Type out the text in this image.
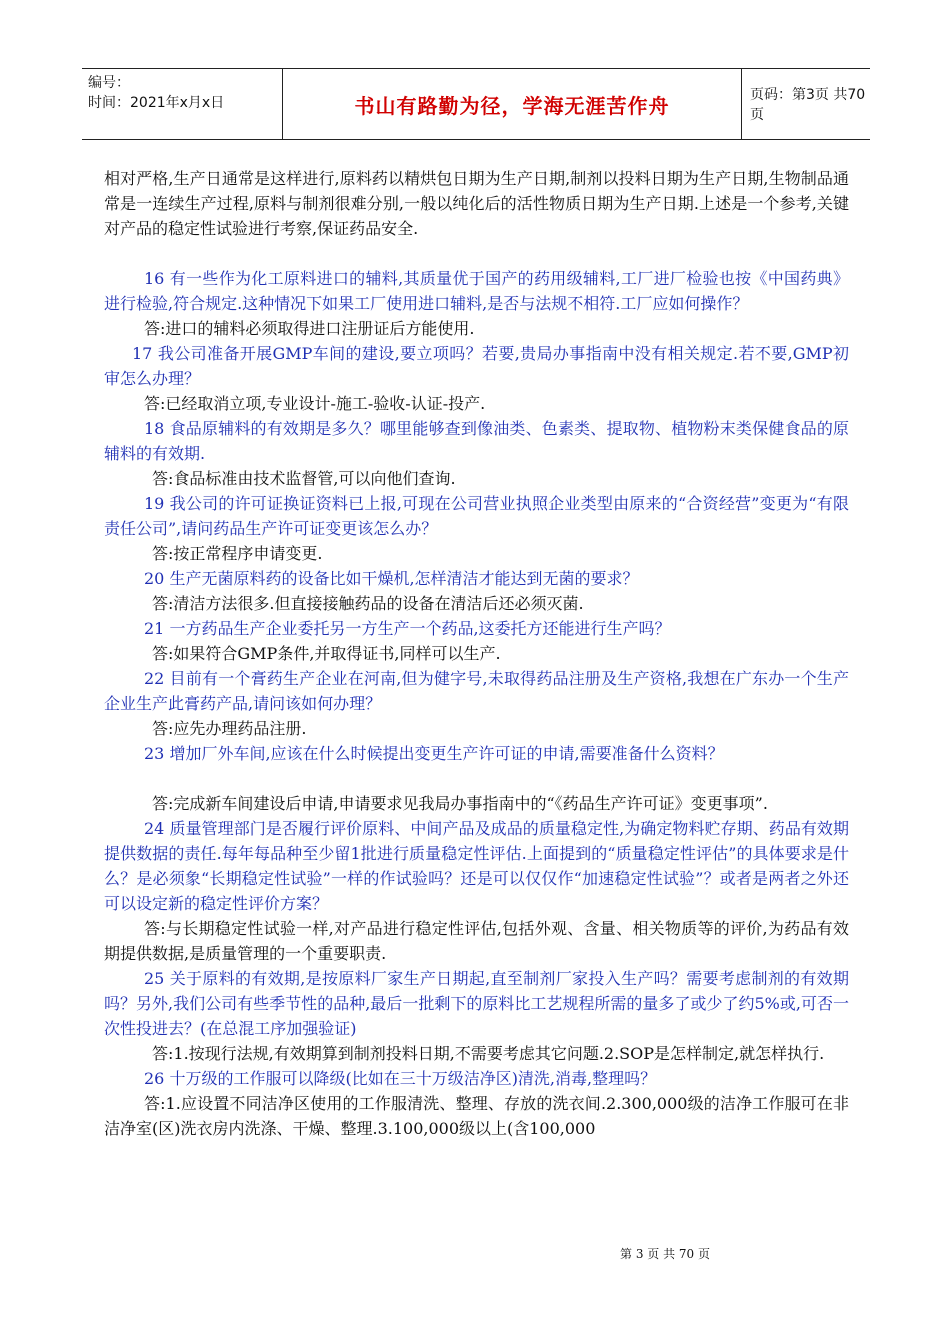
编号：
时间：2021年x月x日	书山有路勤为径，学海无涯苦作舟	页码：第3页 共70页

相对严格,生产日通常是这样进行,原料药以精烘包日期为生产日期,制剂以投料日期为生产日期,生物制品通常是一连续生产过程,原料与制剂很难分别,一般以纯化后的活性物质日期为生产日期.上述是一个参考,关键对产品的稳定性试验进行考察,保证药品安全.

16 有一些作为化工原料进口的辅料,其质量优于国产的药用级辅料,工厂进厂检验也按《中国药典》进行检验,符合规定.这种情况下如果工厂使用进口辅料,是否与法规不相符.工厂应如何操作？

答:进口的辅料必须取得进口注册证后方能使用.

17 我公司准备开展GMP车间的建设,要立项吗？若要,贵局办事指南中没有相关规定.若不要,GMP初审怎么办理？

答:已经取消立项,专业设计-施工-验收-认证-投产.

18 食品原辅料的有效期是多久？哪里能够查到像油类、色素类、提取物、植物粉末类保健食品的原辅料的有效期.

答:食品标准由技术监督管,可以向他们查询.

19 我公司的许可证换证资料已上报,可现在公司营业执照企业类型由原来的“合资经营”变更为“有限责任公司”,请问药品生产许可证变更该怎么办？

答:按正常程序申请变更.

20 生产无菌原料药的设备比如干燥机,怎样清洁才能达到无菌的要求？

答:清洁方法很多.但直接接触药品的设备在清洁后还必须灭菌.

21 一方药品生产企业委托另一方生产一个药品,这委托方还能进行生产吗？

答:如果符合GMP条件,并取得证书,同样可以生产.

22 目前有一个膏药生产企业在河南,但为健字号,未取得药品注册及生产资格,我想在广东办一个生产企业生产此膏药产品,请问该如何办理？

答:应先办理药品注册.

23 增加厂外车间,应该在什么时候提出变更生产许可证的申请,需要准备什么资料？

答:完成新车间建设后申请,申请要求见我局办事指南中的“《药品生产许可证》变更事项”.

24 质量管理部门是否履行评价原料、中间产品及成品的质量稳定性,为确定物料贮存期、药品有效期提供数据的责任.每年每品种至少留1批进行质量稳定性评估.上面提到的“质量稳定性评估”的具体要求是什么？是必须象“长期稳定性试验”一样的作试验吗？还是可以仅仅作“加速稳定性试验”？或者是两者之外还可以设定新的稳定性评价方案？

答:与长期稳定性试验一样,对产品进行稳定性评估,包括外观、含量、相关物质等的评价,为药品有效期提供数据,是质量管理的一个重要职责.

25 关于原料的有效期,是按原料厂家生产日期起,直至制剂厂家投入生产吗？需要考虑制剂的有效期吗？另外,我们公司有些季节性的品种,最后一批剩下的原料比工艺规程所需的量多了或少了约5%或,可否一次性投进去？(在总混工序加强验证)

答:1.按现行法规,有效期算到制剂投料日期,不需要考虑其它问题.2.SOP是怎样制定,就怎样执行.

26 十万级的工作服可以降级(比如在三十万级洁净区)清洗,消毒,整理吗？

答:1.应设置不同洁净区使用的工作服清洗、整理、存放的洗衣间.2.300,000级的洁净工作服可在非洁净室(区)洗衣房内洗涤、干燥、整理.3.100,000级以上(含100,000

第 3 页 共 70 页
